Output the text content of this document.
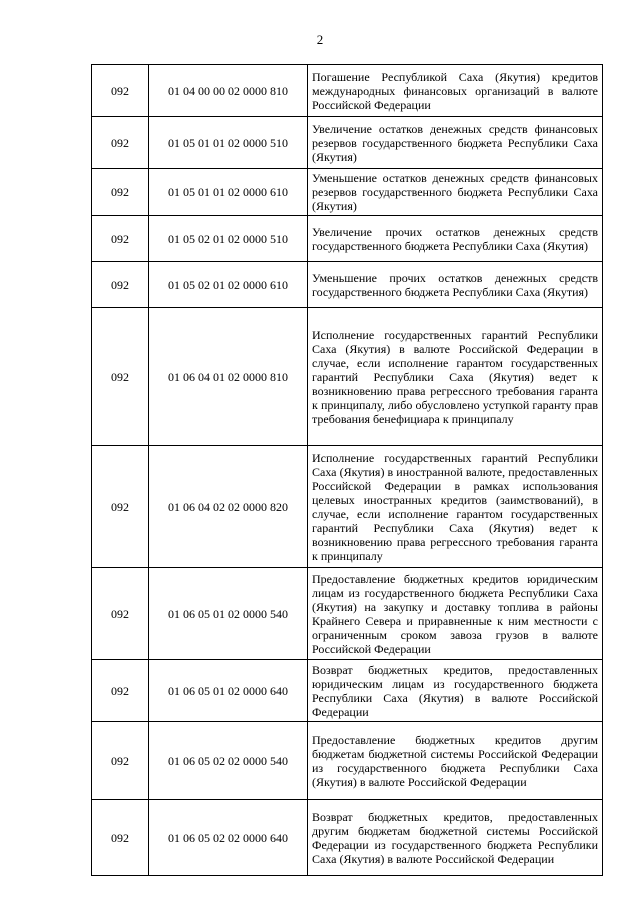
2
092	01 04 00 00 02 0000 810	Погашение Республикой Саха (Якутия) кредитов международных финансовых организаций в валюте Российской Федерации
092	01 05 01 01 02 0000 510	Увеличение остатков денежных средств финансовых резервов государственного бюджета Республики Саха (Якутия)
092	01 05 01 01 02 0000 610	Уменьшение остатков денежных средств финансовых резервов государственного бюджета Республики Саха (Якутия)
092	01 05 02 01 02 0000 510	Увеличение прочих остатков денежных средств государственного бюджета Республики Саха (Якутия)
092	01 05 02 01 02 0000 610	Уменьшение прочих остатков денежных средств государственного бюджета Республики Саха (Якутия)
092	01 06 04 01 02 0000 810	Исполнение государственных гарантий Республики Саха (Якутия) в валюте Российской Федерации в случае, если исполнение гарантом государственных гарантий Республики Саха (Якутия) ведет к возникновению права регрессного требования гаранта к принципалу, либо обусловлено уступкой гаранту прав требования бенефициара к принципалу
092	01 06 04 02 02 0000 820	Исполнение государственных гарантий Республики Саха (Якутия) в иностранной валюте, предоставленных Российской Федерации в рамках использования целевых иностранных кредитов (заимствований), в случае, если исполнение гарантом государственных гарантий Республики Саха (Якутия) ведет к возникновению права регрессного требования гаранта к принципалу
092	01 06 05 01 02 0000 540	Предоставление бюджетных кредитов юридическим лицам из государственного бюджета Республики Саха (Якутия) на закупку и доставку топлива в районы Крайнего Севера и приравненные к ним местности с ограниченным сроком завоза грузов в валюте Российской Федерации
092	01 06 05 01 02 0000 640	Возврат бюджетных кредитов, предоставленных юридическим лицам из государственного бюджета Республики Саха (Якутия) в валюте Российской Федерации
092	01 06 05 02 02 0000 540	Предоставление бюджетных кредитов другим бюджетам бюджетной системы Российской Федерации из государственного бюджета Республики Саха (Якутия) в валюте Российской Федерации
092	01 06 05 02 02 0000 640	Возврат бюджетных кредитов, предоставленных другим бюджетам бюджетной системы Российской Федерации из государственного бюджета Республики Саха (Якутия) в валюте Российской Федерации
